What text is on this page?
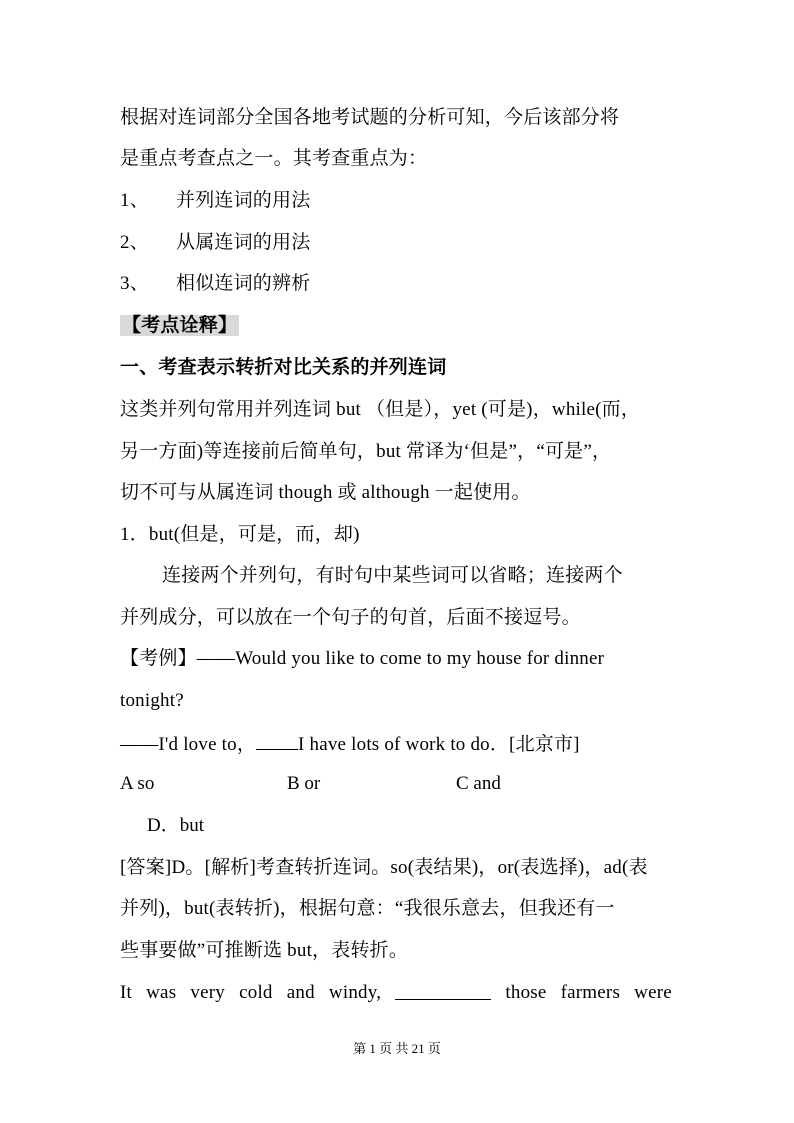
根据对连词部分全国各地考试题的分析可知，今后该部分将
是重点考查点之一。其考查重点为：
1、 并列连词的用法
2、 从属连词的用法
3、 相似连词的辨析
【考点诠释】
一、考查表示转折对比关系的并列连词
这类并列句常用并列连词 but （但是），yet (可是)，while(而，
另一方面)等连接前后简单句，but 常译为‘但是”，“可是”，
切不可与从属连词 though 或 although 一起使用。
1．but(但是，可是，而，却)
连接两个并列句，有时句中某些词可以省略；连接两个
并列成分，可以放在一个句子的句首，后面不接逗号。
【考例】——Would you like to come to my house for dinner
tonight?
——I'd love to， I have lots of work to do．[北京市]
A so	B or	C and
D．but
[答案]D。[解析]考查转折连词。so(表结果)，or(表选择)，ad(表
并列)，but(表转折)，根据句意：“我很乐意去，但我还有一
些事要做”可推断选 but，表转折。
It was very cold and windy,	those farmers were
第 1 页 共 21 页
